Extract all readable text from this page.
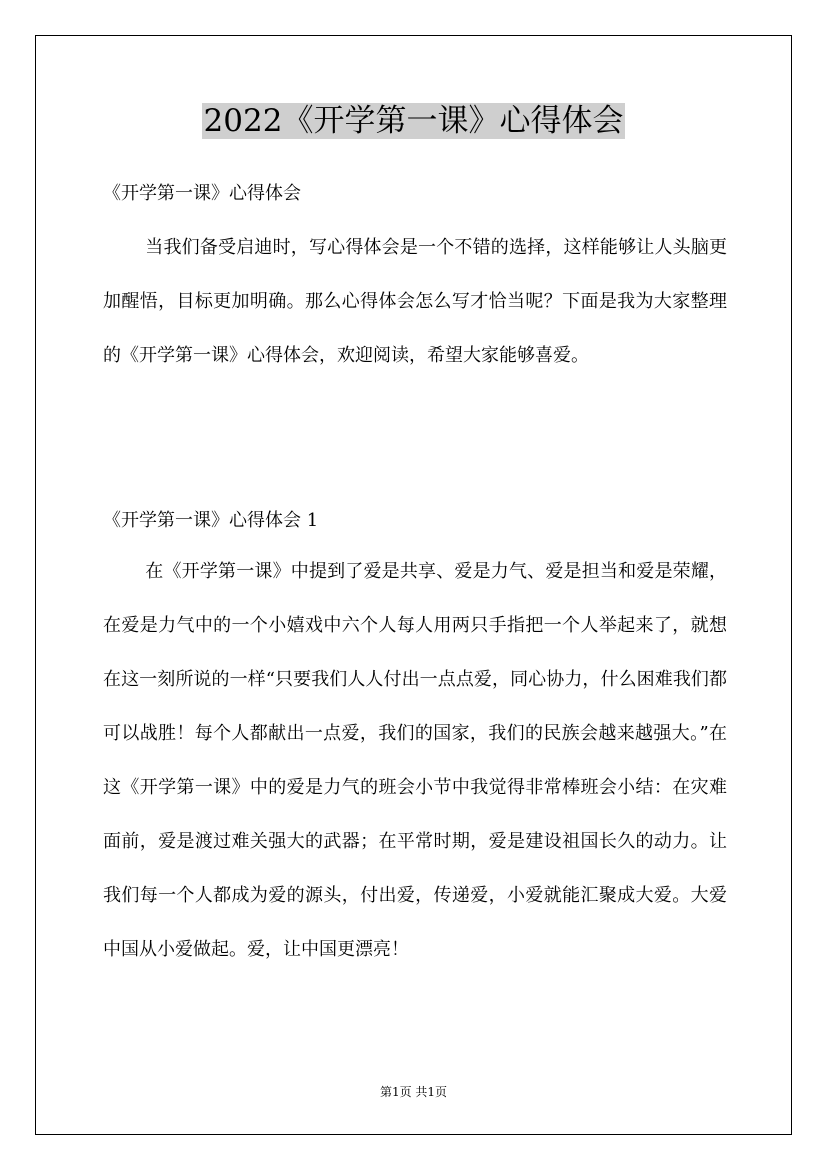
2022《开学第一课》心得体会
《开学第一课》心得体会

当我们备受启迪时，写心得体会是一个不错的选择，这样能够让人头脑更加醒悟，目标更加明确。那么心得体会怎么写才恰当呢？下面是我为大家整理的《开学第一课》心得体会，欢迎阅读，希望大家能够喜爱。

《开学第一课》心得体会 1

在《开学第一课》中提到了爱是共享、爱是力气、爱是担当和爱是荣耀，在爱是力气中的一个小嬉戏中六个人每人用两只手指把一个人举起来了，就想在这一刻所说的一样“只要我们人人付出一点点爱，同心协力，什么困难我们都可以战胜！每个人都献出一点爱，我们的国家，我们的民族会越来越强大。”在这《开学第一课》中的爱是力气的班会小节中我觉得非常棒班会小结：在灾难面前，爱是渡过难关强大的武器；在平常时期，爱是建设祖国长久的动力。让我们每一个人都成为爱的源头，付出爱，传递爱，小爱就能汇聚成大爱。大爱中国从小爱做起。爱，让中国更漂亮！

第1页 共1页
